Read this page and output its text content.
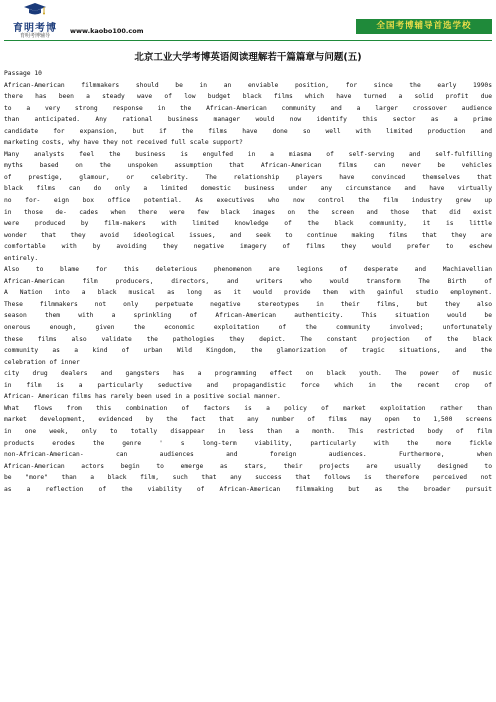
育明考博
育明考博辅导
www.kaobo100.com	全国考博辅导首选学校
北京工业大学考博英语阅读理解若干篇篇章与问题(五)
Passage 10
African-American filmmakers should be in an enviable position, for since the early 1990s
there has been a steady wave of low budget black films which have turned a solid profit due
to a very strong response in the African-American community and a larger crossover audience
than anticipated. Any rational business manager would now identify this sector as a prime
candidate for expansion, but if the films have done so well with limited production and
marketing costs, why have they not received full scale support?
Many analysts feel the business is engulfed in a miasma of self-serving and self-fulfilling
myths based on the unspoken assumption that African-American films can never be vehicles
of prestige, glamour, or celebrity. The relationship players have convinced themselves that
black films can do only a limited domestic business under any circumstance and have virtually
no for- eign box office potential. As executives who now control the film industry grew up
in those de- cades when there were few black images on the screen and those that did exist
were produced by film-makers with limited knowledge of the black community, it is little
wonder that they avoid ideological issues, and seek to continue making films that they are
comfortable with by avoiding they negative imagery of films they would prefer to eschew
entirely.
Also to blame for this deleterious phenomenon are legions of desperate and Machiavellian
African-American film producers, directors, and writers who would transform The Birth of
A Nation into a black musical as long as it would provide them with gainful studio employment.
These filmmakers not only perpetuate negative stereotypes in their films, but they also
season them with a sprinkling of African-American authenticity. This situation would be
onerous enough, given the economic exploitation of the community involved; unfortunately
these films also validate the pathologies they depict. The constant projection of the black
community as a kind of urban Wild Kingdom, the glamorization of tragic situations, and the
celebration of inner
city drug dealers and gangsters has a programming effect on black youth. The power of music
in film is a particularly seductive and propagandistic force which in the recent crop of
African- American films has rarely been used in a positive social manner.
What flows from this combination of factors is a policy of market exploitation rather than
market development, evidenced by the fact that any number of films may open to 1,500 screens
in one week, only to totally disappear in less than a month. This restricted body of film
products erodes the genre ' s long-term viability, particularly with the more fickle
non-African-American- can audiences and foreign audiences. Furthermore, when
African-American actors begin to emerge as stars, their projects are usually designed to
be "more" than a black film, such that any success that follows is therefore perceived not
as a reflection of the viability of African-American filmmaking but as the broader pursuit
